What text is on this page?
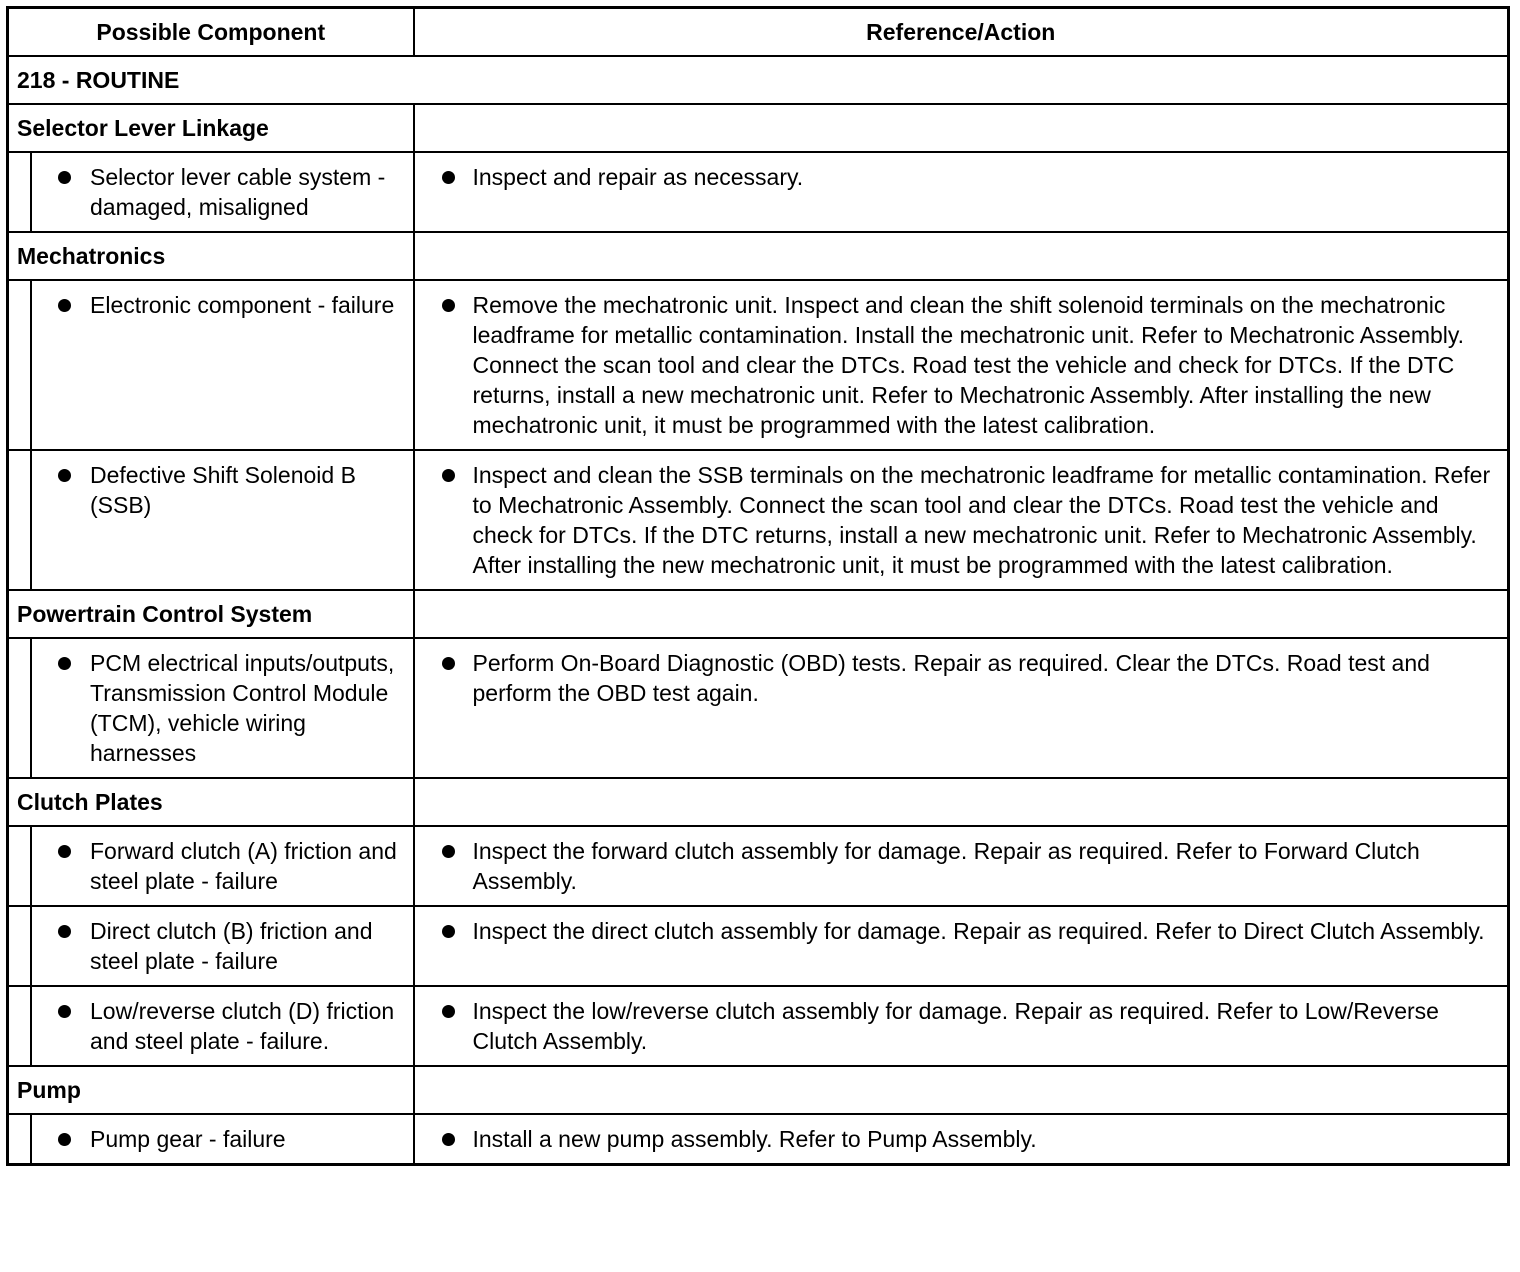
Possible Component	Reference/Action
218 - ROUTINE	
Selector Lever Linkage	

Selector lever cable system - damaged, misaligned	Inspect and repair as necessary.

Mechatronics	

Electronic component - failure	Remove the mechatronic unit. Inspect and clean the shift solenoid terminals on the mechatronic leadframe for metallic contamination. Install the mechatronic unit. Refer to Mechatronic Assembly. Connect the scan tool and clear the DTCs. Road test the vehicle and check for DTCs. If the DTC returns, install a new mechatronic unit. Refer to Mechatronic Assembly. After installing the new mechatronic unit, it must be programmed with the latest calibration.

Defective Shift Solenoid B (SSB)	Inspect and clean the SSB terminals on the mechatronic leadframe for metallic contamination. Refer to Mechatronic Assembly. Connect the scan tool and clear the DTCs. Road test the vehicle and check for DTCs. If the DTC returns, install a new mechatronic unit. Refer to Mechatronic Assembly. After installing the new mechatronic unit, it must be programmed with the latest calibration.

Powertrain Control System	

PCM electrical inputs/outputs, Transmission Control Module (TCM), vehicle wiring harnesses	Perform On-Board Diagnostic (OBD) tests. Repair as required. Clear the DTCs. Road test and perform the OBD test again.

Clutch Plates	

Forward clutch (A) friction and steel plate - failure	Inspect the forward clutch assembly for damage. Repair as required. Refer to Forward Clutch Assembly.

Direct clutch (B) friction and steel plate - failure	Inspect the direct clutch assembly for damage. Repair as required. Refer to Direct Clutch Assembly.

Low/reverse clutch (D) friction and steel plate - failure.	Inspect the low/reverse clutch assembly for damage. Repair as required. Refer to Low/Reverse Clutch Assembly.

Pump	

Pump gear - failure	Install a new pump assembly. Refer to Pump Assembly.
